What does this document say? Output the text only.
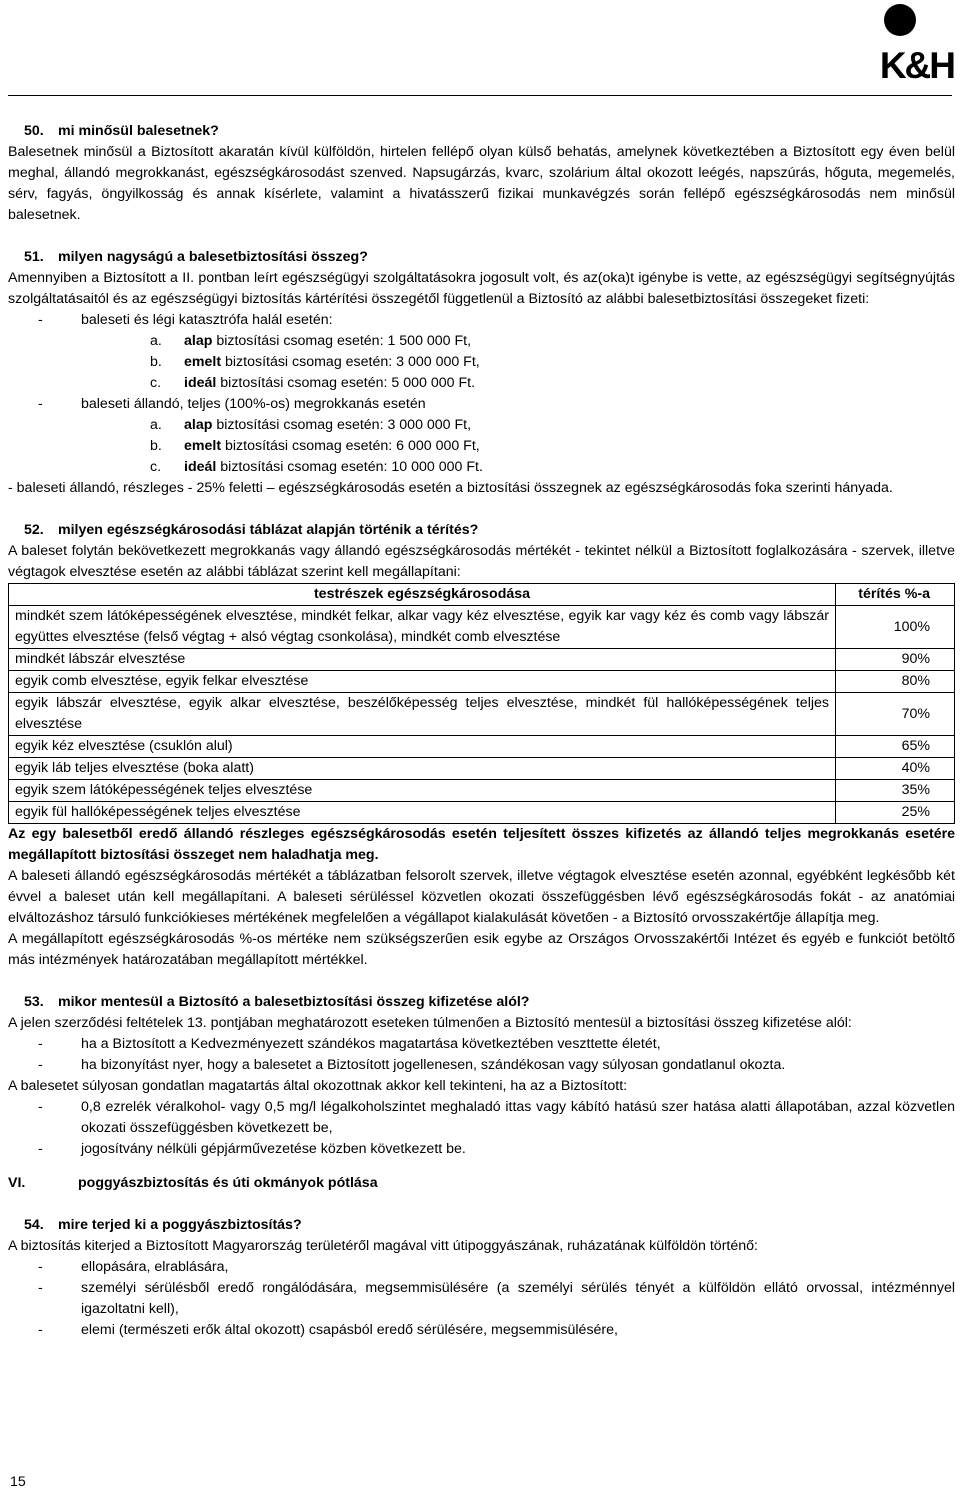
K&H

50. mi minősül balesetnek?

Balesetnek minősül a Biztosított akaratán kívül külföldön, hirtelen fellépő olyan külső behatás, amelynek következtében a Biztosított egy éven belül meghal, állandó megrokkanást, egészségkárosodást szenved. Napsugárzás, kvarc, szolárium által okozott leégés, napszúrás, hőguta, megemelés, sérv, fagyás, öngyilkosság és annak kísérlete, valamint a hivatásszerű fizikai munkavégzés során fellépő egészségkárosodás nem minősül balesetnek.

51. milyen nagyságú a balesetbiztosítási összeg?

Amennyiben a Biztosított a II. pontban leírt egészségügyi szolgáltatásokra jogosult volt, és az(oka)t igénybe is vette, az egészségügyi segítségnyújtás szolgáltatásaitól és az egészségügyi biztosítás kártérítési összegétől függetlenül a Biztosító az alábbi balesetbiztosítási összegeket fizeti:

-	baleseti és légi katasztrófa halál esetén:
a. alap biztosítási csomag esetén: 1 500 000 Ft,
b. emelt biztosítási csomag esetén: 3 000 000 Ft,
c. ideál biztosítási csomag esetén: 5 000 000 Ft.
-	baleseti állandó, teljes (100%-os) megrokkanás esetén
a. alap biztosítási csomag esetén: 3 000 000 Ft,
b. emelt biztosítási csomag esetén: 6 000 000 Ft,
c. ideál biztosítási csomag esetén: 10 000 000 Ft.

- baleseti állandó, részleges - 25% feletti – egészségkárosodás esetén a biztosítási összegnek az egészségkárosodás foka szerinti hányada.

52. milyen egészségkárosodási táblázat alapján történik a térítés?

A baleset folytán bekövetkezett megrokkanás vagy állandó egészségkárosodás mértékét - tekintet nélkül a Biztosított foglalkozására - szervek, illetve végtagok elvesztése esetén az alábbi táblázat szerint kell megállapítani:

testrészek egészségkárosodása	térítés %-a
mindkét szem látóképességének elvesztése, mindkét felkar, alkar vagy kéz elvesztése, egyik kar vagy kéz és comb vagy lábszár együttes elvesztése (felső végtag + alsó végtag csonkolása), mindkét comb elvesztése	100%
mindkét lábszár elvesztése	90%
egyik comb elvesztése, egyik felkar elvesztése	80%
egyik lábszár elvesztése, egyik alkar elvesztése, beszélőképesség teljes elvesztése, mindkét fül hallóképességének teljes elvesztése	70%
egyik kéz elvesztése (csuklón alul)	65%
egyik láb teljes elvesztése (boka alatt)	40%
egyik szem látóképességének teljes elvesztése	35%
egyik fül hallóképességének teljes elvesztése	25%

Az egy balesetből eredő állandó részleges egészségkárosodás esetén teljesített összes kifizetés az állandó teljes megrokkanás esetére megállapított biztosítási összeget nem haladhatja meg.

A baleseti állandó egészségkárosodás mértékét a táblázatban felsorolt szervek, illetve végtagok elvesztése esetén azonnal, egyébként legkésőbb két évvel a baleset után kell megállapítani. A baleseti sérüléssel közvetlen okozati összefüggésben lévő egészségkárosodás fokát - az anatómiai elváltozáshoz társuló funkciókieses mértékének megfelelően a végállapot kialakulását követően - a Biztosító orvosszakértője állapítja meg.

A megállapított egészségkárosodás %-os mértéke nem szükségszerűen esik egybe az Országos Orvosszakértői Intézet és egyéb e funkciót betöltő más intézmények határozatában megállapított mértékkel.

53. mikor mentesül a Biztosító a balesetbiztosítási összeg kifizetése alól?

A jelen szerződési feltételek 13. pontjában meghatározott eseteken túlmenően a Biztosító mentesül a biztosítási összeg kifizetése alól:

-	ha a Biztosított a Kedvezményezett szándékos magatartása következtében veszttette életét,
-	ha bizonyítást nyer, hogy a balesetet a Biztosított jogellenesen, szándékosan vagy súlyosan gondatlanul okozta.

A balesetet súlyosan gondatlan magatartás által okozottnak akkor kell tekinteni, ha az a Biztosított:

-	0,8 ezrelék véralkohol- vagy 0,5 mg/l légalkoholszintet meghaladó ittas vagy kábító hatású szer hatása alatti állapotában, azzal közvetlen okozati összefüggésben következett be,
-	jogosítvány nélküli gépjárművezetése közben következett be.
VI.	poggyászbiztosítás és úti okmányok pótlása

54. mire terjed ki a poggyászbiztosítás?

A biztosítás kiterjed a Biztosított Magyarország területéről magával vitt útipoggyászának, ruházatának külföldön történő:

-	ellopására, elrablására,
-	személyi sérülésből eredő rongálódására, megsemmisülésére (a személyi sérülés tényét a külföldön ellátó orvossal, intézménnyel igazoltatni kell),
-	elemi (természeti erők által okozott) csapásból eredő sérülésére, megsemmisülésére,
15
